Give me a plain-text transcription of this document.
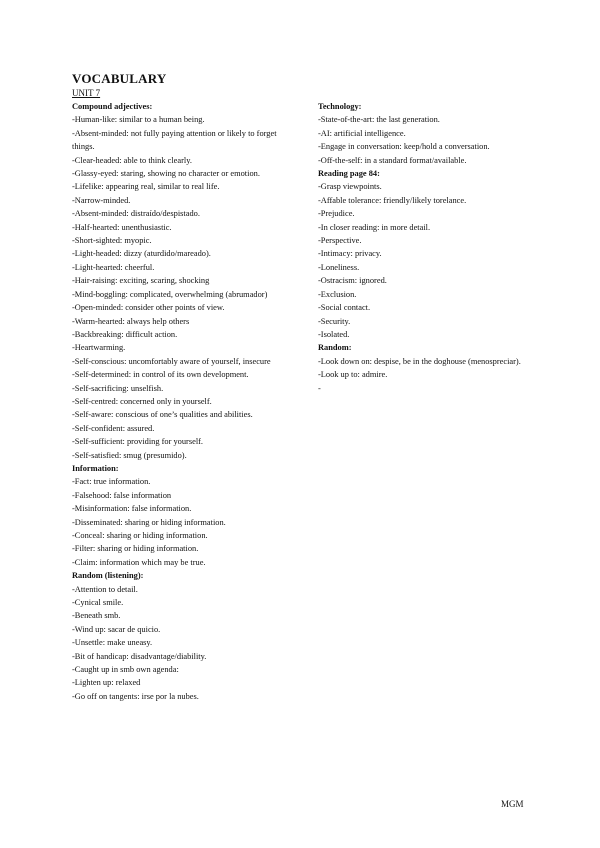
VOCABULARY
UNIT 7
Compound adjectives:
-Human-like: similar to a human being.
-Absent-minded: not fully paying attention or likely to forget things.
-Clear-headed: able to think clearly.
-Glassy-eyed: staring, showing no character or emotion.
-Lifelike: appearing real, similar to real life.
-Narrow-minded.
-Absent-minded: distraído/despistado.
-Half-hearted: unenthusiastic.
-Short-sighted: myopic.
-Light-headed: dizzy (aturdido/mareado).
-Light-hearted: cheerful.
-Hair-raising: exciting, scaring, shocking
-Mind-boggling: complicated, overwhelming (abrumador)
-Open-minded: consider other points of view.
-Warm-hearted: always help others
-Backbreaking: difficult action.
-Heartwarming.
-Self-conscious: uncomfortably aware of yourself, insecure
-Self-determined: in control of its own development.
-Self-sacrificing: unselfish.
-Self-centred: concerned only in yourself.
-Self-aware: conscious of one’s qualities and abilities.
-Self-confident: assured.
-Self-sufficient: providing for yourself.
-Self-satisfied: smug (presumido).
Information:
-Fact: true information.
-Falsehood: false information
-Misinformation: false information.
-Disseminated: sharing or hiding information.
-Conceal: sharing or hiding information.
-Filter: sharing or hiding information.
-Claim: information which may be true.
Random (listening):
-Attention to detail.
-Cynical smile.
-Beneath smb.
-Wind up: sacar de quicio.
-Unsettle: make uneasy.
-Bit of handicap: disadvantage/diability.
-Caught up in smb own agenda:
-Lighten up: relaxed
-Go off on tangents: irse por la nubes.
Technology:
-State-of-the-art: the last generation.
-AI: artificial intelligence.
-Engage in conversation: keep/hold a conversation.
-Off-the-self: in a standard format/available.
Reading page 84:
-Grasp viewpoints.
-Affable tolerance: friendly/likely torelance.
-Prejudice.
-In closer reading: in more detail.
-Perspective.
-Intimacy: privacy.
-Loneliness.
-Ostracism: ignored.
-Exclusion.
-Social contact.
-Security.
-Isolated.
Random:
-Look down on: despise, be in the doghouse (menospreciar).
-Look up to: admire.
-
MGM
